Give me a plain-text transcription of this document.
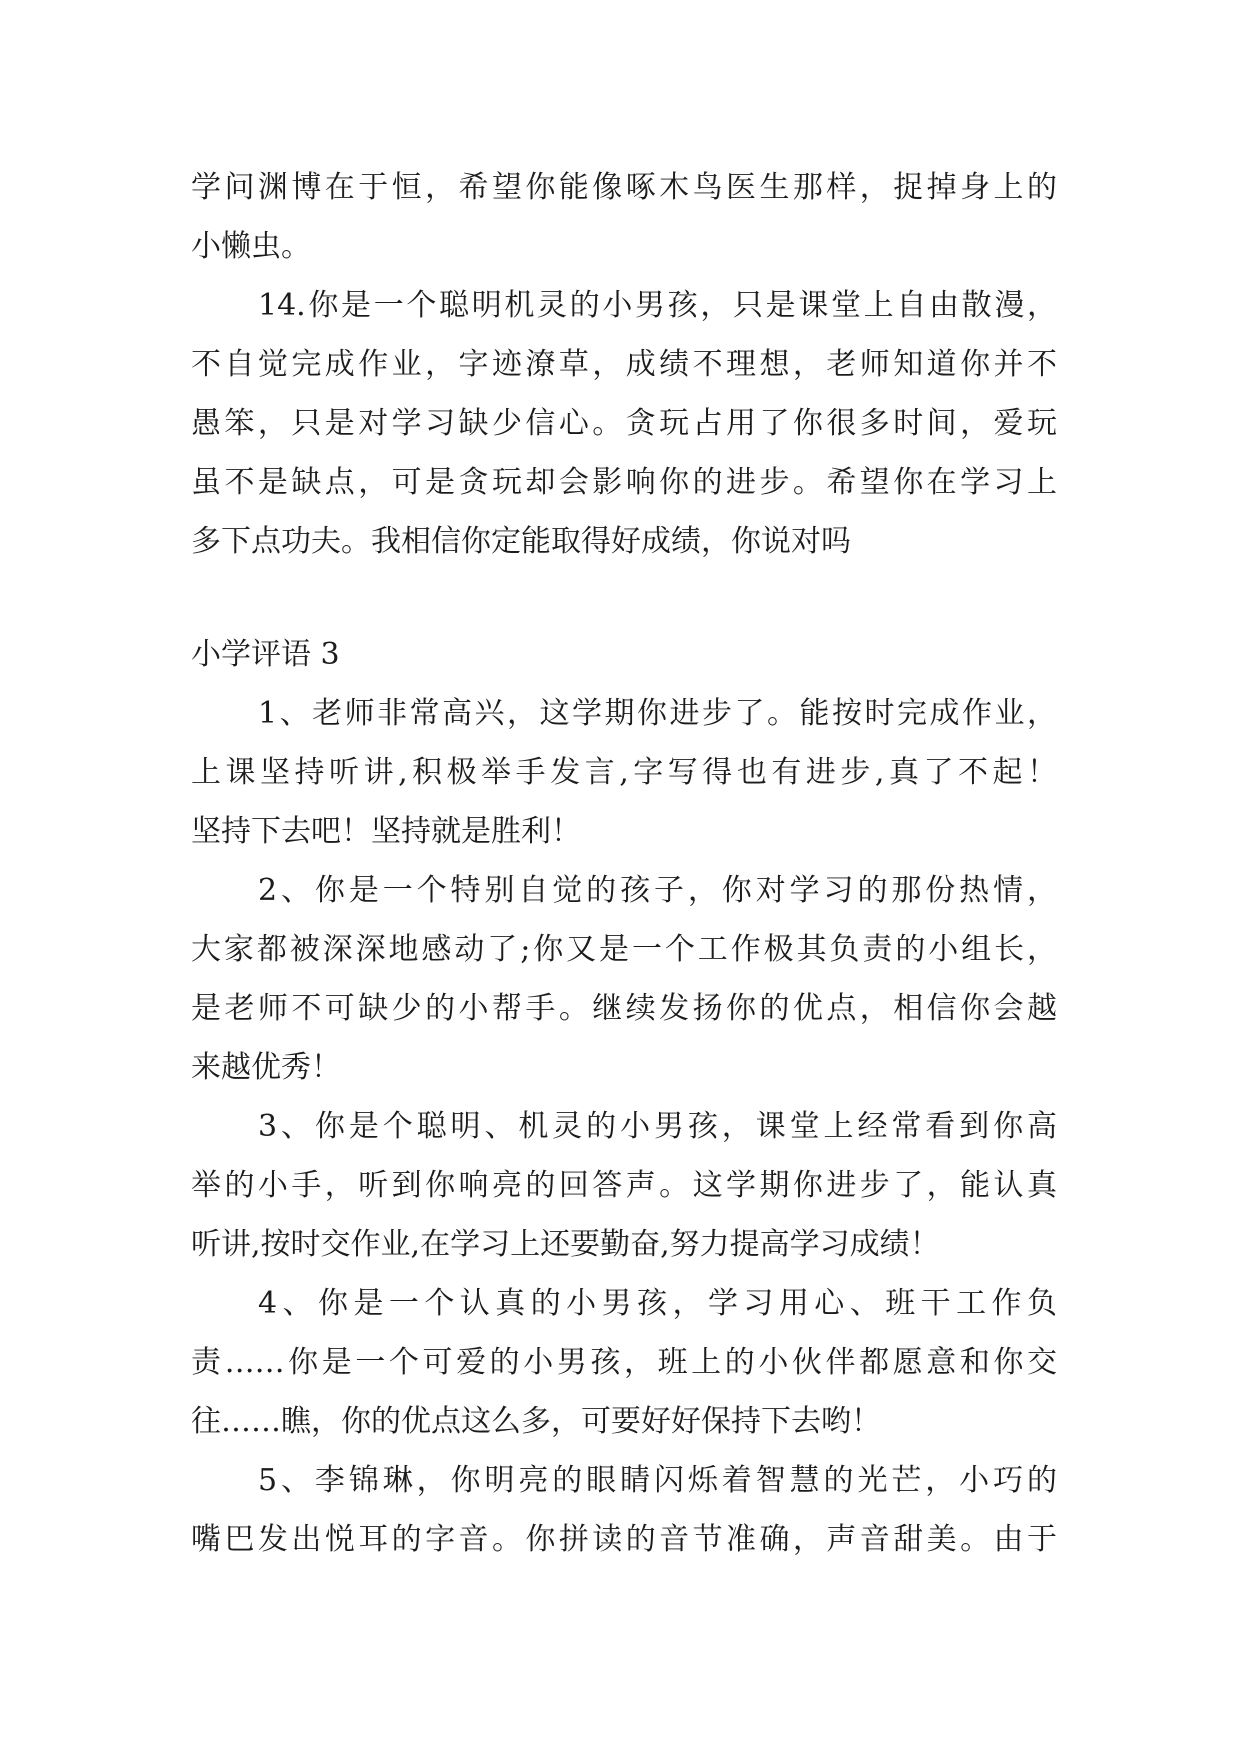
学问渊博在于恒，希望你能像啄木鸟医生那样，捉掉身上的
小懒虫。
14.你是一个聪明机灵的小男孩，只是课堂上自由散漫，
不自觉完成作业，字迹潦草，成绩不理想，老师知道你并不
愚笨，只是对学习缺少信心。贪玩占用了你很多时间，爱玩
虽不是缺点，可是贪玩却会影响你的进步。希望你在学习上
多下点功夫。我相信你定能取得好成绩，你说对吗
小学评语 3
1、老师非常高兴，这学期你进步了。能按时完成作业，
上课坚持听讲,积极举手发言,字写得也有进步,真了不起！
坚持下去吧！坚持就是胜利！
2、你是一个特别自觉的孩子，你对学习的那份热情，
大家都被深深地感动了;你又是一个工作极其负责的小组长，
是老师不可缺少的小帮手。继续发扬你的优点，相信你会越
来越优秀！
3、你是个聪明、机灵的小男孩，课堂上经常看到你高
举的小手，听到你响亮的回答声。这学期你进步了，能认真
听讲,按时交作业,在学习上还要勤奋,努力提高学习成绩！
4、你是一个认真的小男孩，学习用心、班干工作负
责……你是一个可爱的小男孩，班上的小伙伴都愿意和你交
往……瞧，你的优点这么多，可要好好保持下去哟！
5、李锦琳，你明亮的眼睛闪烁着智慧的光芒，小巧的
嘴巴发出悦耳的字音。你拼读的音节准确，声音甜美。由于
